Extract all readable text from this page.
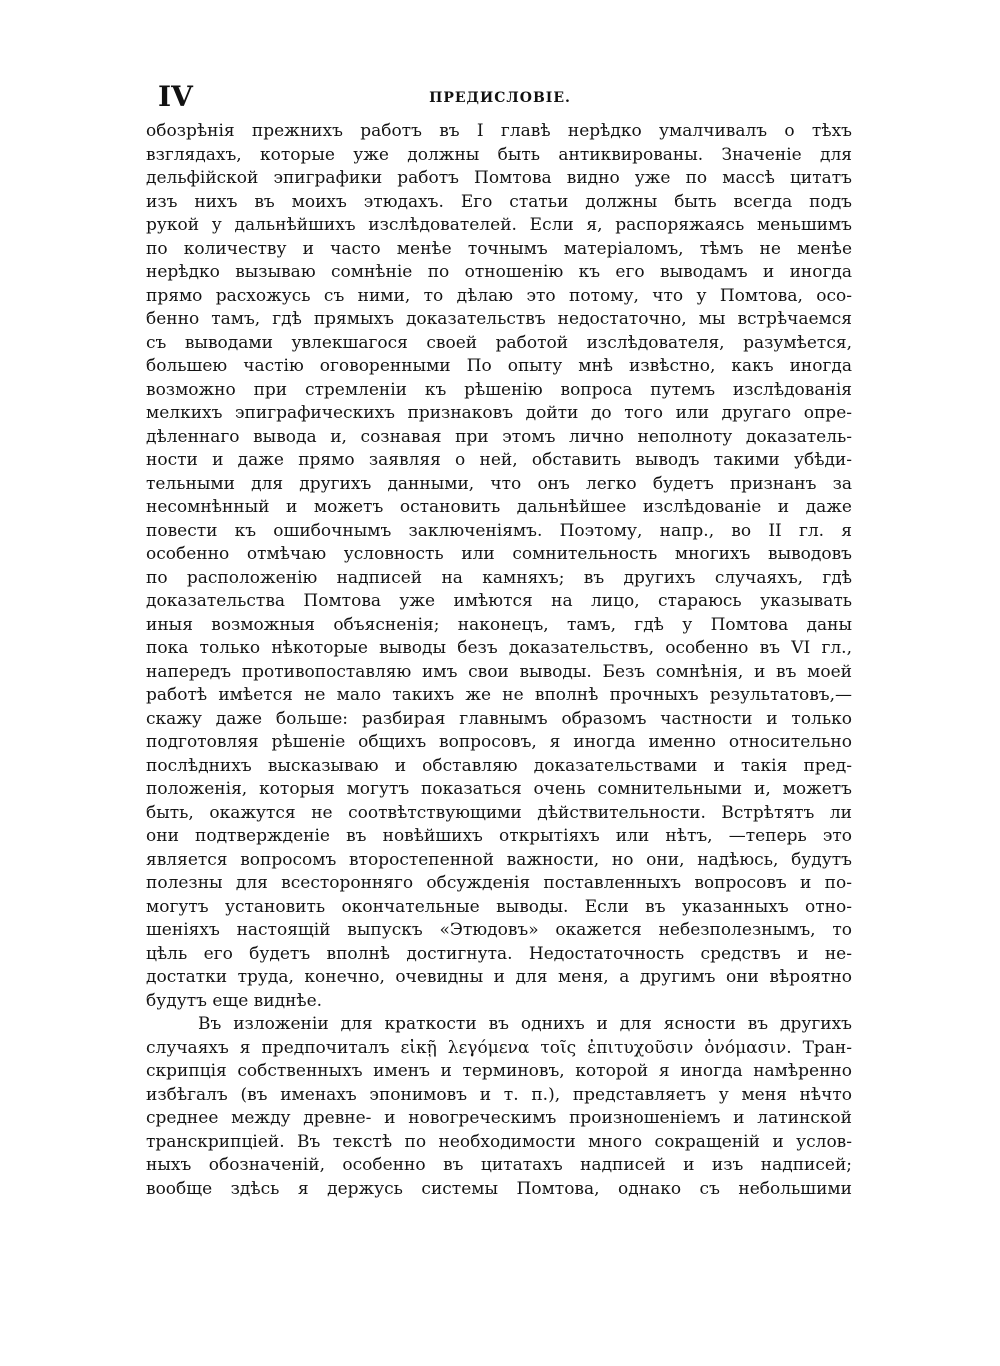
IV	ПРЕДИСЛОВІЕ.
обозрѣнія прежнихъ работъ въ I главѣ нерѣдко умалчивалъ о тѣхъ
взглядахъ, которые уже должны быть антиквированы. Значеніе для
дельфійской эпиграфики работъ Помтова видно уже по массѣ цитатъ
изъ нихъ въ моихъ этюдахъ. Его статьи должны быть всегда подъ
рукой у дальнѣйшихъ изслѣдователей. Если я, распоряжаясь меньшимъ
по количеству и часто менѣе точнымъ матеріаломъ, тѣмъ не менѣе
нерѣдко вызываю сомнѣніе по отношенію къ его выводамъ и иногда
прямо расхожусь съ ними, то дѣлаю это потому, что у Помтова, осо-
бенно тамъ, гдѣ прямыхъ доказательствъ недостаточно, мы встрѣчаемся
съ выводами увлекшагося своей работой изслѣдователя, разумѣется,
большею частію оговоренными По опыту мнѣ извѣстно, какъ иногда
возможно при стремленіи къ рѣшенію вопроса путемъ изслѣдованія
мелкихъ эпиграфическихъ признаковъ дойти до того или другаго опре-
дѣленнаго вывода и, сознавая при этомъ лично неполноту доказатель-
ности и даже прямо заявляя о ней, обставить выводъ такими убѣди-
тельными для другихъ данными, что онъ легко будетъ признанъ за
несомнѣнный и можетъ остановить дальнѣйшее изслѣдованіе и даже
повести къ ошибочнымъ заключеніямъ. Поэтому, напр., во II гл. я
особенно отмѣчаю условность или сомнительность многихъ выводовъ
по расположенію надписей на камняхъ; въ другихъ случаяхъ, гдѣ
доказательства Помтова уже имѣются на лицо, стараюсь указывать
иныя возможныя объясненія; наконецъ, тамъ, гдѣ у Помтова даны
пока только нѣкоторые выводы безъ доказательствъ, особенно въ VI гл.,
напередъ противопоставляю имъ свои выводы. Безъ сомнѣнія, и въ моей
работѣ имѣется не мало такихъ же не вполнѣ прочныхъ результатовъ,—
скажу даже больше: разбирая главнымъ образомъ частности и только
подготовляя рѣшеніе общихъ вопросовъ, я иногда именно относительно
послѣднихъ высказываю и обставляю доказательствами и такія пред-
положенія, которыя могутъ показаться очень сомнительными и, можетъ
быть, окажутся не соотвѣтствующими дѣйствительности. Встрѣтятъ ли
они подтвержденіе въ новѣйшихъ открытіяхъ или нѣтъ, —теперь это
является вопросомъ второстепенной важности, но они, надѣюсь, будутъ
полезны для всесторонняго обсужденія поставленныхъ вопросовъ и по-
могутъ установить окончательные выводы. Если въ указанныхъ отно-
шеніяхъ настоящій выпускъ «Этюдовъ» окажется небезполезнымъ, то
цѣль его будетъ вполнѣ достигнута. Недостаточность средствъ и не-
достатки труда, конечно, очевидны и для меня, а другимъ они вѣроятно
будутъ еще виднѣе.
Въ изложеніи для краткости въ однихъ и для ясности въ другихъ
случаяхъ я предпочиталъ εἰκῇ λεγόμενα τοῖς ἐπιτυχοῦσιν ὀνόμασιν. Тран-
скрипція собственныхъ именъ и терминовъ, которой я иногда намѣренно
избѣгалъ (въ именахъ эпонимовъ и т. п.), представляетъ у меня нѣчто
среднее между древне- и новогреческимъ произношеніемъ и латинской
транскрипціей. Въ текстѣ по необходимости много сокращеній и услов-
ныхъ обозначеній, особенно въ цитатахъ надписей и изъ надписей;
вообще здѣсь я держусь системы Помтова, однако съ небольшими
